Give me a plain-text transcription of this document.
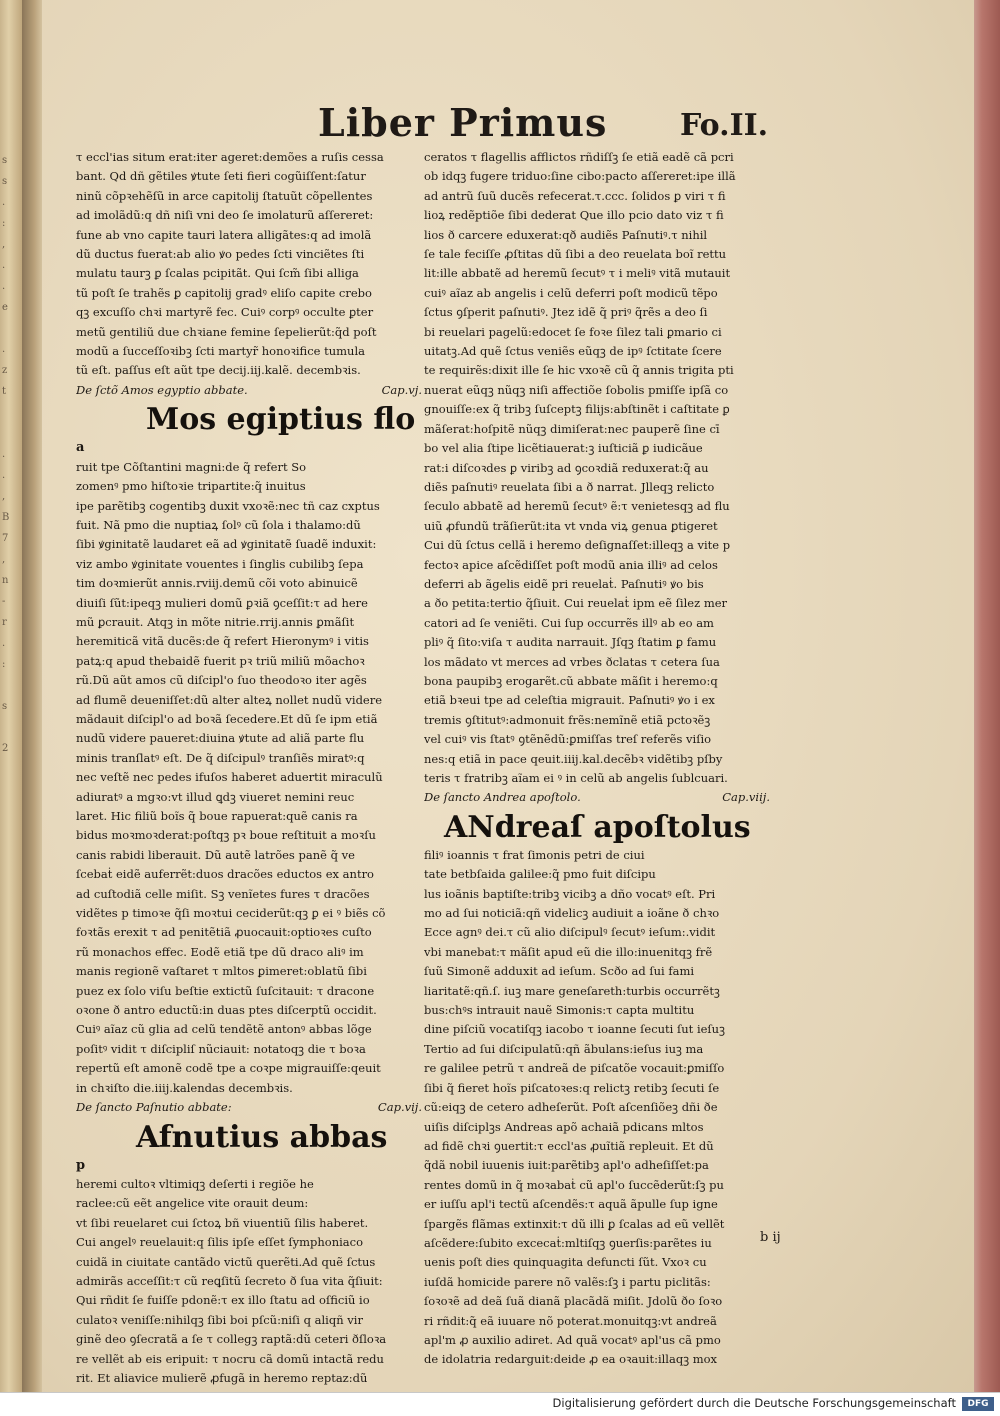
s
s
.
:
,
.
.
e

.
z
t

.
.
,
B
7
,
n
-
r
.
:

s

2
Liber Primus Fo.II.
τ eccl'ias situm erat:iter ageret:demões a ruſis cessa
bant. Qd dñ gẽtiles ꝟtute ſeti fieri cogũiſſent:ſatur
ninũ cõpꝛehẽſũ in arce capitolij ſtatuũt cõpellentes
ad imolãdũ:q dñ niſi vni deo ſe imolaturũ aſſereret:
fune ab vno capite tauri latera alligãtes:q ad imolã
dũ ductus fuerat:ab alio ꝟo pedes ſcti vinciẽtes ſti
mulatu taurꝫ ꝑ ſcalas pcipitãt. Qui ſcm̃ ſibi alliga
tũ poſt ſe trahẽs ꝑ capitolij gradꝰ eliſo capite crebo
qꝫ excuſſo chꝛi martyrẽ fec. Cuiꝰ corpꝰ occulte ꝑter
metũ gentiliũ due chꝛiane femine ſepelierũt:q̃d poſt
modũ a ſucceſſoꝛibꝫ ſcti martyr̃ honoꝛifice tumula
tũ eſt. paſſus eſt aũt tpe decij.iij.kalẽ. decembꝛis.
De ſctõ Amos egyptio abbate.	Cap.vj.
Mos egiptius flo
a
ruit tpe Cõſtantini magni:de q̃ refert So
zomenꝰ pmo hiſtoꝛie tripartite:q̃ inuitus
ipe parẽtibꝫ cogentibꝫ duxit vxoꝛẽ:nec tñ caz cxptus
fuit. Nã pmo die nuptiaꝝ ſolꝰ cũ ſola i thalamo:dũ
ſibi ꝟginitatẽ laudaret eã ad ꝟginitatẽ ſuadẽ induxit:
viz ambo ꝟginitate vouentes i ſinglis cubilibꝫ ſepa
tim doꝛmierũt annis.rviij.demũ cõi voto abinuicẽ
diuiſi ſũt:ipeqꝫ mulieri domũ ꝑꝛiã ꝯceſſit:τ ad here
mũ ꝑcrauit. Atqꝫ in mõte nitrie.rrij.annis ꝑmãſit
heremiticã vitã ducẽs:de q̃ refert Hieronymꝰ i vitis
patꝝ:q apud thebaidẽ fuerit pꝛ triũ miliũ mõachoꝛ
rũ.Dũ aũt amos cũ diſcipl'o ſuo theodoꝛo iter agẽs
ad flumẽ deueniſſet:dũ alter alteꝝ nollet nudũ videre
mãdauit diſcipl'o ad boꝛã ſecedere.Et dũ ſe ipm etiã
nudũ videre paueret:diuina ꝟtute ad aliã parte flu
minis tranſlatꝰ eſt. De q̃ diſcipulꝰ tranſiẽs miratꝰ:q
nec veſtẽ nec pedes ifuſos haberet aduertit miraculũ
adiuratꝰ a mgꝛo:vt illud ꝗdꝫ viueret nemini reuc
laret. Hic filiũ boĩs q̃ boue rapuerat:quẽ canis ra
bidus moꝛmoꝛderat:poſtqꝫ pꝛ boue reſtituit a moꝛſu
canis rabidi liberauit. Dũ autẽ latrões panẽ q̃ ve
ſcebaṫ eidẽ auferrẽt:duos dracões eductos ex antro
ad cuſtodiã celle miſit. Sꝫ venĩetes fures τ dracões
vidẽtes p timoꝛe q̃ſi moꝛtui ceciderũt:qꝫ ꝑ ei ꝰ biẽs cõ
foꝛtãs erexit τ ad penitẽtiã ꝓuocauit:optioꝛes cuſto
rũ monachos effec. Eodẽ etiã tpe dũ draco aliꝰ im
manis regionẽ vaſtaret τ mltos ꝑimeret:oblatũ ſibi
puez ex ſolo viſu beſtie extictũ ſuſcitauit: τ dracone
oꝛone ð antro eductũ:in duas ptes diſcerptũ occidit.
Cuiꝰ aĩaz cũ glia ad celũ tendẽtẽ antonꝰ abbas lõge
poſitꝰ vidit τ diſcipliſ nũciauit: notatoqꝫ die τ boꝛa
repertũ eſt amonẽ codẽ tpe a coꝛpe migrauiſſe:qeuit
in chꝛiſto die.iiij.kalendas decembꝛis.
De ſancto Paſnutio abbate:	Cap.vij.
Afnutius abbas
p
heremi cultoꝛ vltimiqꝫ deſerti i regiõe he
raclee:cũ eẽt angelice vite orauit deum:
vt ſibi reuelaret cui ſctoꝝ bñ viuentiũ ſilis haberet.
Cui angelꝰ reuelauit:q ſilis ipſe eſſet ſymphoniaco
cuidã in ciuitate cantãdo victũ querẽti.Ad quẽ ſctus
admirãs acceſſit:τ cũ reꝗſitũ ſecreto ð ſua vita q̃ſiuit:
Qui rñdit ſe fuiſſe pdonẽ:τ ex illo ſtatu ad oſficiũ io
culatoꝛ veniſſe:nihilqꝫ ſibi boi pſcũ:niſi q aliqñ vir
ginẽ deo ꝯſecratã a ſe τ collegꝫ raptã:dũ ceteri ðſloꝛa
re vellẽt ab eis eripuit: τ nocru cã domũ intactã redu
rit. Et aliavice mulierẽ ꝓfugã in heremo reptaz:dũ
ceratos τ flagellis afflictos rñdiſſꝫ ſe etiã eadẽ cã pcri
ob idqꝫ fugere triduo:ſine cibo:pacto aſſereret:ipe illã
ad antrũ ſuũ ducẽs refecerat.τ.ccc. ſolidos ꝑ viri τ fi
lioꝝ redẽptiõe ſibi dederat Que illo pcio dato viz τ fi
lios ð carcere eduxerat:qð audiẽs Paſnutiꝰ.τ nihil
ſe tale feciſſe ꝓſtitas dũ ſibi a deo reuelata boĩ rettu
lit:ille abbatẽ ad heremũ ſecutꝰ τ i meliꝰ vitã mutauit
cuiꝰ aĩaz ab angelis i celũ deferri poſt modicũ tẽpo
ſctus ꝯſperit paſnutiꝰ. Jtez idẽ q̃ priꝰ q̃rẽs a deo ſi
bi reuelari pagelũ:edocet ſe foꝛe ſilez tali ꝑmario ci
uitatꝫ.Ad quẽ ſctus veniẽs eũqꝫ de ipꝰ ſctitate ſcere
te requirẽs:dixit ille ſe hic vxoꝛẽ cũ q̃ annis trigita pti
nuerat eũqꝫ nũqꝫ niſi affectiõe ſobolis pmiſſe ipſã co
gnouiſſe:ex q̃ tribꝫ ſuſceptꝫ filijs:abſtinẽt i caſtitate ꝑ
mãſerat:hoſpitẽ nũqꝫ dimiſerat:nec pauperẽ ſine cī
bo vel alia ſtipe licẽtiauerat:ꝫ iuſticiã ꝑ iudicãue
rat:i diſcoꝛdes ꝑ viribꝫ ad ꝯcoꝛdiã reduxerat:q̃ au
diẽs paſnutiꝰ reuelata ſibi a ð narrat. Jlleqꝫ relicto
ſeculo abbatẽ ad heremũ ſecutꝰ ẽ:τ venietesqꝫ ad flu
uiũ ꝓfundũ trãſierũt:ita vt vnda viꝝ genua ꝑtigeret
Cui dũ ſctus cellã i heremo deſignaſſet:illeqꝫ a vite p
fectoꝛ apice aſcẽdiſſet poſt modũ ania illiꝰ ad celos
deferri ab ãgelis eidẽ pri reuelaṫ. Paſnutiꝰ ꝟo bis
a ðo petita:tertio q̃ſiuit. Cui reuelaṫ ipm eẽ ſilez mer
catori ad ſe veniẽti. Cui ſup occurrẽs illꝰ ab eo am
pliꝰ q̃ ſito:viſa τ audita narrauit. Jſqꝫ ſtatim ꝑ famu
los mãdato vt merces ad vrbes ðclatas τ cetera ſua
bona paupibꝫ erogarẽt.cũ abbate mãſit i heremo:q
etiã bꝛeui tpe ad celeſtia migrauit. Paſnutiꝰ ꝟo i ex
tremis ꝯſtitutꝰ:admonuit frẽs:nemĩnẽ etiã pctoꝛẽꝫ
vel cuiꝰ vis ſtatꝰ ꝯtẽnẽdũ:ꝑmiſſas treſ referẽs viſio
nes:q etiã in pace qeuit.iiij.kal.decẽbꝛ vidẽtibꝫ pſby
teris τ fratribꝫ aĩam ei ꝰ in celũ ab angelis ſublcuari.
De ſancto Andrea apoſtolo.	Cap.viij.
ANdreaſ apoſtolus
filiꝰ ioannis τ frat ſimonis petri de ciui
tate betbſaida galilee:q̃ pmo fuit diſcipu
lus ioãnis baptiſte:tribꝫ vicibꝫ a dño vocatꝰ eſt. Pri
mo ad ſui noticiã:qñ videlicꝫ audiuit a ioãne ð chꝛo
Ecce agnꝰ dei.τ cũ alio diſcipulꝰ ſecutꝰ ieſum:.vidit
vbi manebat:τ mãſit apud eũ die illo:inuenitqꝫ frẽ
ſuũ Simonẽ adduxit ad ieſum. Scðo ad ſui fami
liaritatẽ:qñ.ſ. iuꝫ mare geneſareth:turbis occurrẽtꝫ
bus:chꝰs intrauit nauẽ Simonis:τ capta multitu
dine piſciũ vocatiſqꝫ iacobo τ ioanne ſecuti ſut ieſuꝫ
Tertio ad ſui diſcipulatũ:qñ ãbulans:ieſus iuꝫ ma
re galilee petrũ τ andreã de piſcatõe vocauit:ꝑmiſſo
ſibi q̃ fieret hoĩs piſcatoꝛes:q relictꝫ retibꝫ ſecuti ſe
cũ:eiqꝫ de cetero adheſerũt. Poſt aſcenſiõeꝫ dñi ðe
uiſis diſciplꝫs Andreas apõ achaiã pdicans mltos
ad fidẽ chꝛi ꝯuertit:τ eccl'as ꝓuĩtiã repleuit. Et dũ
q̃dã nobil iuuenis iuit:parẽtibꝫ apl'o adheſiſſet:pa
rentes domũ in q̃ moꝛabaṫ cũ apl'o ſuccẽderũt:ſꝫ pu
er iuſſu apl'i tectũ aſcendẽs:τ aquã ãpulle ſup igne
ſpargẽs flãmas extinxit:τ dũ illi ꝑ ſcalas ad eũ vellẽt
aſcẽdere:ſubito excecaṫ:mltiſqꝫ ꝯuerſis:parẽtes iu
uenis poſt dies quinquagita defuncti ſũt. Vxoꝛ cu
iuſdã homicide parere nõ valẽs:ſꝫ i partu piclitãs:
ſoꝛoꝛẽ ad deã ſuã dianã placãdã miſit. Jdolũ ðo ſoꝛo
ri rñdit:q̃ eã iuuare nõ poterat.monuitqꝫ:vt andreã
apl'm ꝓ auxilio adiret. Ad quã vocatꝰ apl'us cã pmo
de idolatria redarguit:deide ꝓ ea oꝛauit:illaqꝫ mox
b ij
Digitalisierung gefördert durch die Deutsche Forschungsgemeinschaft	DFG
